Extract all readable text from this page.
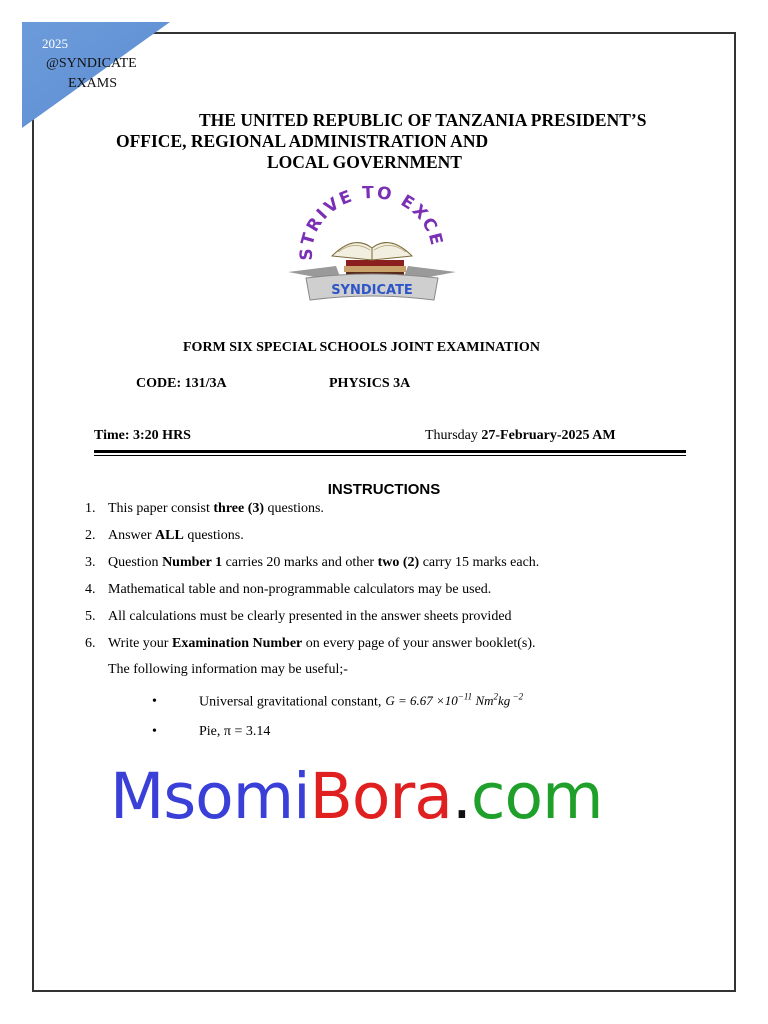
2025
@SYNDICATE
EXAMS
THE UNITED REPUBLIC OF TANZANIA PRESIDENT’S
OFFICE, REGIONAL ADMINISTRATION AND
LOCAL GOVERNMENT
STRIVE TO EXCE
SYNDICATE
FORM SIX SPECIAL SCHOOLS JOINT EXAMINATION
CODE: 131/3A	PHYSICS 3A
Time: 3:20 HRS	Thursday 27-February-2025 AM
INSTRUCTIONS
1. This paper consist three (3) questions.
2. Answer ALL questions.
3. Question Number 1 carries 20 marks and other two (2) carry 15 marks each.
4. Mathematical table and non-programmable calculators may be used.
5. All calculations must be clearly presented in the answer sheets provided
6. Write your Examination Number on every page of your answer booklet(s).
The following information may be useful;-
•	Universal gravitational constant, $G = 6.67 \times 10^{-11}$ Nm$^2$kg $^{-2}$
•	Pie, π = 3.14
MsomiBora.com
